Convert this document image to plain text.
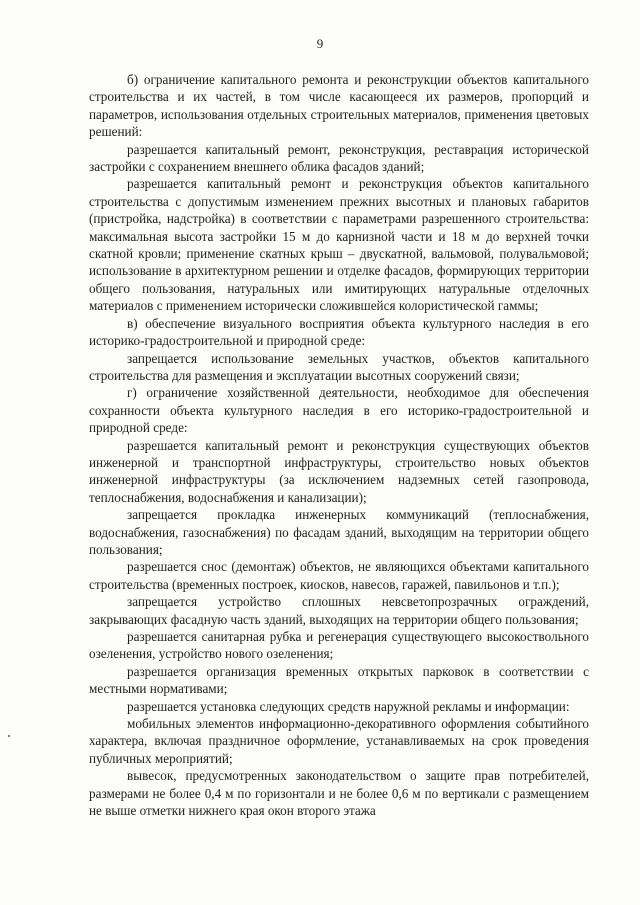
9

б) ограничение капитального ремонта и реконструкции объектов капитального строительства и их частей, в том числе касающееся их размеров, пропорций и параметров, использования отдельных строительных материалов, применения цветовых решений:

разрешается капитальный ремонт, реконструкция, реставрация исторической застройки с сохранением внешнего облика фасадов зданий;

разрешается капитальный ремонт и реконструкция объектов капитального строительства с допустимым изменением прежних высотных и плановых габаритов (пристройка, надстройка) в соответствии с параметрами разрешенного строительства: максимальная высота застройки 15 м до карнизной части и 18 м до верхней точки скатной кровли; применение скатных крыш – двускатной, вальмовой, полувальмовой; использование в архитектурном решении и отделке фасадов, формирующих территории общего пользования, натуральных или имитирующих натуральные отделочных материалов с применением исторически сложившейся колористической гаммы;

в) обеспечение визуального восприятия объекта культурного наследия в его историко-градостроительной и природной среде:

запрещается использование земельных участков, объектов капитального строительства для размещения и эксплуатации высотных сооружений связи;

г) ограничение хозяйственной деятельности, необходимое для обеспечения сохранности объекта культурного наследия в его историко-градостроительной и природной среде:

разрешается капитальный ремонт и реконструкция существующих объектов инженерной и транспортной инфраструктуры, строительство новых объектов инженерной инфраструктуры (за исключением надземных сетей газопровода, теплоснабжения, водоснабжения и канализации);

запрещается прокладка инженерных коммуникаций (теплоснабжения, водоснабжения, газоснабжения) по фасадам зданий, выходящим на территории общего пользования;

разрешается снос (демонтаж) объектов, не являющихся объектами капитального строительства (временных построек, киосков, навесов, гаражей, павильонов и т.п.);

запрещается устройство сплошных невсветопрозрачных ограждений, закрывающих фасадную часть зданий, выходящих на территории общего пользования;

разрешается санитарная рубка и регенерация существующего высокоствольного озеленения, устройство нового озеленения;

разрешается организация временных открытых парковок в соответствии с местными нормативами;

разрешается установка следующих средств наружной рекламы и информации:

мобильных элементов информационно-декоративного оформления событийного характера, включая праздничное оформление, устанавливаемых на срок проведения публичных мероприятий;

вывесок, предусмотренных законодательством о защите прав потребителей, размерами не более 0,4 м по горизонтали и не более 0,6 м по вертикали с размещением не выше отметки нижнего края окон второго этажа
